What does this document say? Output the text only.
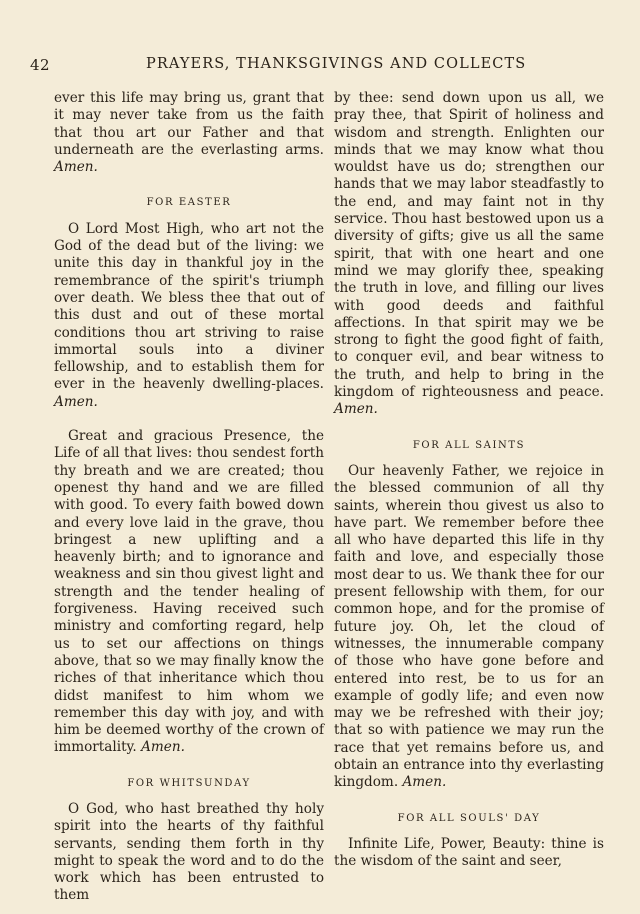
42	PRAYERS, THANKSGIVINGS AND COLLECTS

ever this life may bring us, grant that it may never take from us the faith that thou art our Father and that underneath are the everlasting arms. Amen.

FOR EASTER

O Lord Most High, who art not the God of the dead but of the living: we unite this day in thankful joy in the remembrance of the spirit's triumph over death. We bless thee that out of this dust and out of these mortal conditions thou art striving to raise immortal souls into a diviner fellowship, and to establish them for ever in the heavenly dwelling-places. Amen.

Great and gracious Presence, the Life of all that lives: thou sendest forth thy breath and we are created; thou openest thy hand and we are filled with good. To every faith bowed down and every love laid in the grave, thou bringest a new uplifting and a heavenly birth; and to ignorance and weakness and sin thou givest light and strength and the tender healing of forgiveness. Having received such ministry and comforting regard, help us to set our affections on things above, that so we may finally know the riches of that inheritance which thou didst manifest to him whom we remember this day with joy, and with him be deemed worthy of the crown of immortality. Amen.

FOR WHITSUNDAY

O God, who hast breathed thy holy spirit into the hearts of thy faithful servants, sending them forth in thy might to speak the word and to do the work which has been entrusted to them

by thee: send down upon us all, we pray thee, that Spirit of holiness and wisdom and strength. Enlighten our minds that we may know what thou wouldst have us do; strengthen our hands that we may labor steadfastly to the end, and may faint not in thy service. Thou hast bestowed upon us a diversity of gifts; give us all the same spirit, that with one heart and one mind we may glorify thee, speaking the truth in love, and filling our lives with good deeds and faithful affections. In that spirit may we be strong to fight the good fight of faith, to conquer evil, and bear witness to the truth, and help to bring in the kingdom of righteousness and peace. Amen.

FOR ALL SAINTS

Our heavenly Father, we rejoice in the blessed communion of all thy saints, wherein thou givest us also to have part. We remember before thee all who have departed this life in thy faith and love, and especially those most dear to us. We thank thee for our present fellowship with them, for our common hope, and for the promise of future joy. Oh, let the cloud of witnesses, the innumerable company of those who have gone before and entered into rest, be to us for an example of godly life; and even now may we be refreshed with their joy; that so with patience we may run the race that yet remains before us, and obtain an entrance into thy everlasting kingdom. Amen.

FOR ALL SOULS' DAY

Infinite Life, Power, Beauty: thine is the wisdom of the saint and seer,
